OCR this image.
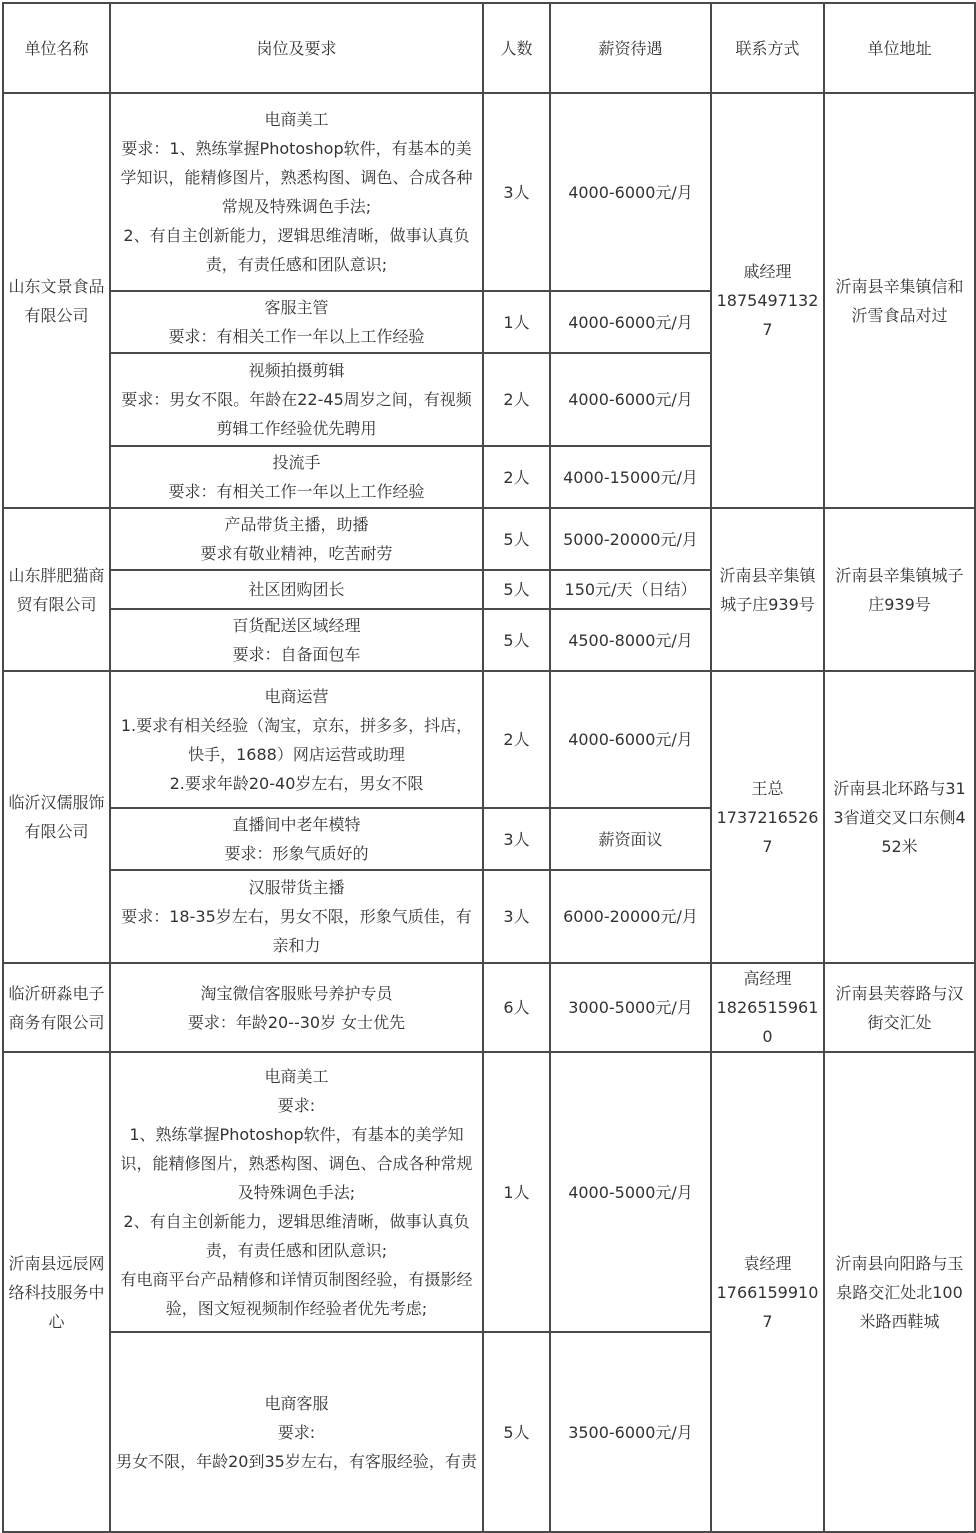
单位名称	岗位及要求	人数	薪资待遇	联系方式	单位地址
山东文景食品有限公司	电商美工
要求：1、熟练掌握Photoshop软件，有基本的美学知识，能精修图片，熟悉构图、调色、合成各种常规及特殊调色手法;
2、有自主创新能力，逻辑思维清晰，做事认真负责，有责任感和团队意识;	3人	4000-6000元/月	戚经理
18754971327	沂南县辛集镇信和沂雪食品对过

	客服主管
要求：有相关工作一年以上工作经验	1人	4000-6000元/月		

	视频拍摄剪辑
要求：男女不限。年龄在22-45周岁之间，有视频剪辑工作经验优先聘用	2人	4000-6000元/月		

	投流手
要求：有相关工作一年以上工作经验	2人	4000-15000元/月		
山东胖肥猫商贸有限公司	产品带货主播，助播
要求有敬业精神，吃苦耐劳	5人	5000-20000元/月	沂南县辛集镇城子庄939号	沂南县辛集镇城子庄939号

	社区团购团长	5人	150元/天（日结）		

	百货配送区域经理
要求：自备面包车	5人	4500-8000元/月		
临沂汉儒服饰有限公司	电商运营
1.要求有相关经验（淘宝，京东，拼多多，抖店，快手，1688）网店运营或助理
2.要求年龄20-40岁左右，男女不限	2人	4000-6000元/月	王总
17372165267	沂南县北环路与313省道交叉口东侧452米

	直播间中老年模特
要求：形象气质好的	3人	薪资面议		

	汉服带货主播
要求：18-35岁左右，男女不限，形象气质佳，有亲和力	3人	6000-20000元/月		
临沂研淼电子商务有限公司	淘宝微信客服账号养护专员
要求：年龄20--30岁 女士优先	6人	3000-5000元/月	高经理
18265159610	沂南县芙蓉路与汉街交汇处
沂南县远辰网络科技服务中心	电商美工
要求:
1、熟练掌握Photoshop软件，有基本的美学知识，能精修图片，熟悉构图、调色、合成各种常规及特殊调色手法;
2、有自主创新能力，逻辑思维清晰，做事认真负责，有责任感和团队意识;
有电商平台产品精修和详情页制图经验，有摄影经验，图文短视频制作经验者优先考虑;	1人	4000-5000元/月	袁经理
17661599107	沂南县向阳路与玉泉路交汇处北100米路西鞋城

	电商客服
要求:
男女不限，年龄20到35岁左右，有客服经验，有责	5人	3500-6000元/月		
